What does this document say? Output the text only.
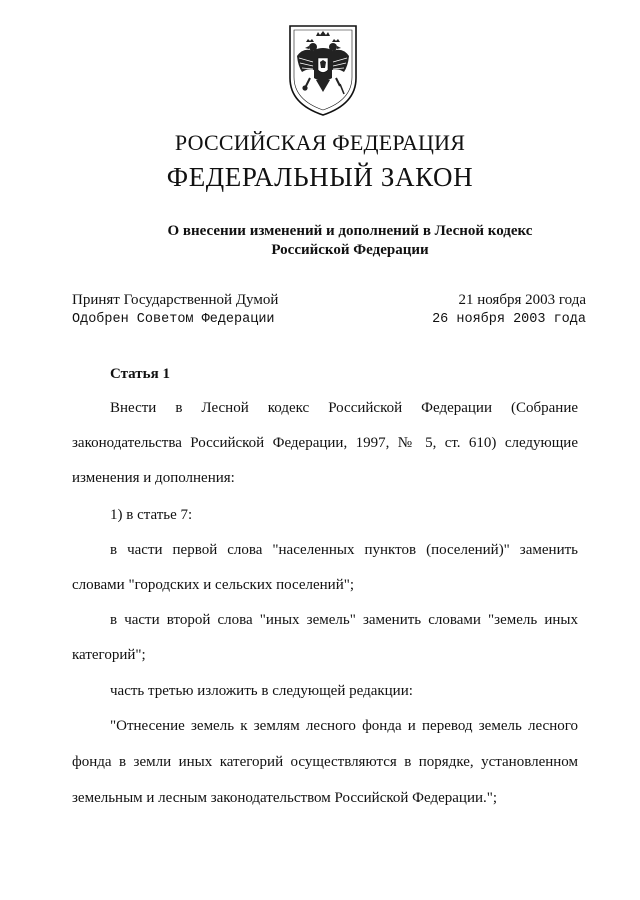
РОССИЙСКАЯ ФЕДЕРАЦИЯ
ФЕДЕРАЛЬНЫЙ ЗАКОН
О внесении изменений и дополнений в Лесной кодекс
Российской Федерации
Принят Государственной Думой	21 ноября 2003 года
Одобрен Советом Федерации	26 ноября 2003 года
Статья 1
Внести в Лесной кодекс Российской Федерации (Собрание
законодательства Российской Федерации, 1997, № 5, ст. 610) следующие
изменения и дополнения:
1) в статье 7:
в части первой слова "населенных пунктов (поселений)" заменить
словами "городских и сельских поселений";
в части второй слова "иных земель" заменить словами "земель иных
категорий";
часть третью изложить в следующей редакции:
"Отнесение земель к землям лесного фонда и перевод земель лесного
фонда в земли иных категорий осуществляются в порядке, установленном
земельным и лесным законодательством Российской Федерации.";
